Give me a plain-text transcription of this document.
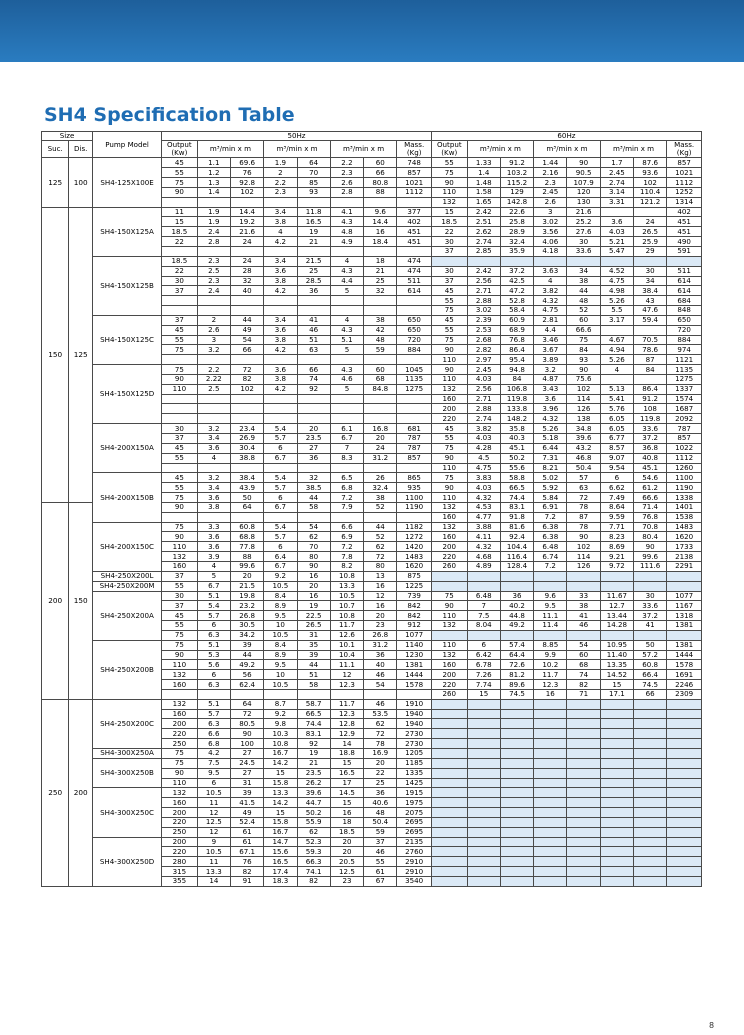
SH4 Specification Table
Size		Pump Model	50Hz								60Hz							
Suc.	Dis.		Output (Kw)	m³/min x m		m³/min x m		m³/min x m		Mass. (Kg)	Output (Kw)	m³/min x m		m³/min x m		m³/min x m		Mass. (Kg)
125	100	SH4-125X100E	45	1.1	69.6	1.9	64	2.2	60	748	55	1.33	91.2	1.44	90	1.7	87.6	857
			55	1.2	76	2	70	2.3	66	857	75	1.4	103.2	2.16	90.5	2.45	93.6	1021
			75	1.3	92.8	2.2	85	2.6	80.8	1021	90	1.48	115.2	2.3	107.9	2.74	102	1112
			90	1.4	102	2.3	93	2.8	88	1112	110	1.58	129	2.45	120	3.14	110.4	1252
											132	1.65	142.8	2.6	130	3.31	121.2	1314
150	125	SH4-150X125A	11	1.9	14.4	3.4	11.8	4.1	9.6	377	15	2.42	22.6	3	21.6			402
			15	1.9	19.2	3.8	16.5	4.3	14.4	402	18.5	2.51	25.8	3.02	25.2	3.6	24	451
			18.5	2.4	21.6	4	19	4.8	16	451	22	2.62	28.9	3.56	27.6	4.03	26.5	451
			22	2.8	24	4.2	21	4.9	18.4	451	30	2.74	32.4	4.06	30	5.21	25.9	490
											37	2.85	35.9	4.18	33.6	5.47	29	591
		SH4-150X125B	18.5	2.3	24	3.4	21.5	4	18	474								
			22	2.5	28	3.6	25	4.3	21	474	30	2.42	37.2	3.63	34	4.52	30	511
			30	2.3	32	3.8	28.5	4.4	25	511	37	2.56	42.5	4	38	4.75	34	614
			37	2.4	40	4.2	36	5	32	614	45	2.71	47.2	3.82	44	4.98	38.4	614
											55	2.88	52.8	4.32	48	5.26	43	684
											75	3.02	58.4	4.75	52	5.5	47.6	848
		SH4-150X125C	37	2	44	3.4	41	4	38	650	45	2.39	60.9	2.81	60	3.17	59.4	650
			45	2.6	49	3.6	46	4.3	42	650	55	2.53	68.9	4.4	66.6			720
			55	3	54	3.8	51	5.1	48	720	75	2.68	76.8	3.46	75	4.67	70.5	884
			75	3.2	66	4.2	63	5	59	884	90	2.82	86.4	3.67	84	4.94	78.6	974
											110	2.97	95.4	3.89	93	5.26	87	1121
		SH4-150X125D	75	2.2	72	3.6	66	4.3	60	1045	90	2.45	94.8	3.2	90	4	84	1135
			90	2.22	82	3.8	74	4.6	68	1135	110	4.03	84	4.87	75.6			1275
			110	2.5	102	4.2	92	5	84.8	1275	132	2.56	106.8	3.43	102	5.13	86.4	1337
											160	2.71	119.8	3.6	114	5.41	91.2	1574
											200	2.88	133.8	3.96	126	5.76	108	1687
											220	2.74	148.2	4.32	138	6.05	119.8	2092
		SH4-200X150A	30	3.2	23.4	5.4	20	6.1	16.8	681	45	3.82	35.8	5.26	34.8	6.05	33.6	787
			37	3.4	26.9	5.7	23.5	6.7	20	787	55	4.03	40.3	5.18	39.6	6.77	37.2	857
			45	3.6	30.4	6	27	7	24	787	75	4.28	45.1	6.44	43.2	8.57	36.8	1022
			55	4	38.8	6.7	36	8.3	31.2	857	90	4.5	50.2	7.31	46.8	9.07	40.8	1112
											110	4.75	55.6	8.21	50.4	9.54	45.1	1260
		SH4-200X150B	45	3.2	38.4	5.4	32	6.5	26	865	75	3.83	58.8	5.02	57	6	54.6	1100
			55	3.4	43.9	5.7	38.5	6.8	32.4	935	90	4.03	66.5	5.92	63	6.62	61.2	1190
			75	3.6	50	6	44	7.2	38	1100	110	4.32	74.4	5.84	72	7.49	66.6	1338
200	150		90	3.8	64	6.7	58	7.9	52	1190	132	4.53	83.1	6.91	78	8.64	71.4	1401
											160	4.77	91.8	7.2	87	9.59	76.8	1538
		SH4-200X150C	75	3.3	60.8	5.4	54	6.6	44	1182	132	3.88	81.6	6.38	78	7.71	70.8	1483
			90	3.6	68.8	5.7	62	6.9	52	1272	160	4.11	92.4	6.38	90	8.23	80.4	1620
			110	3.6	77.8	6	70	7.2	62	1420	200	4.32	104.4	6.48	102	8.69	90	1733
			132	3.9	88	6.4	80	7.8	72	1483	220	4.68	116.4	6.74	114	9.21	99.6	2138
			160	4	99.6	6.7	90	8.2	80	1620	260	4.89	128.4	7.2	126	9.72	111.6	2291
		SH4-250X200L	37	5	20	9.2	16	10.8	13	875								
		SH4-250X200M	55	6.7	21.5	10.5	20	13.3	16	1225								
		SH4-250X200A	30	5.1	19.8	8.4	16	10.5	12	739	75	6.48	36	9.6	33	11.67	30	1077
			37	5.4	23.2	8.9	19	10.7	16	842	90	7	40.2	9.5	38	12.7	33.6	1167
			45	5.7	26.8	9.5	22.5	10.8	20	842	110	7.5	44.8	11.1	41	13.44	37.2	1318
			55	6	30.5	10	26.5	11.7	23	912	132	8.04	49.2	11.4	46	14.28	41	1381
			75	6.3	34.2	10.5	31	12.6	26.8	1077								
		SH4-250X200B	75	5.1	39	8.4	35	10.1	31.2	1140	110	6	57.4	8.85	54	10.95	50	1381
			90	5.3	44	8.9	39	10.4	36	1230	132	6.42	64.4	9.9	60	11.40	57.2	1444
			110	5.6	49.2	9.5	44	11.1	40	1381	160	6.78	72.6	10.2	68	13.35	60.8	1578
			132	6	56	10	51	12	46	1444	200	7.26	81.2	11.7	74	14.52	66.4	1691
			160	6.3	62.4	10.5	58	12.3	54	1578	220	7.74	89.6	12.3	82	15	74.5	2246
											260	15	74.5	16	71	17.1	66	2309
250	200	SH4-250X200C	132	5.1	64	8.7	58.7	11.7	46	1910								
			160	5.7	72	9.2	66.5	12.3	53.5	1940								
			200	6.3	80.5	9.8	74.4	12.8	62	1940								
			220	6.6	90	10.3	83.1	12.9	72	2730								
			250	6.8	100	10.8	92	14	78	2730								
		SH4-300X250A	75	4.2	27	16.7	19	18.8	16.9	1205								
		SH4-300X250B	75	7.5	24.5	14.2	21	15	20	1185								
			90	9.5	27	15	23.5	16.5	22	1335								
			110	6	31	15.8	26.2	17	25	1425								
		SH4-300X250C	132	10.5	39	13.3	39.6	14.5	36	1915								
			160	11	41.5	14.2	44.7	15	40.6	1975								
			200	12	49	15	50.2	16	48	2075								
			220	12.5	52.4	15.8	55.9	18	50.4	2695								
			250	12	61	16.7	62	18.5	59	2695								
		SH4-300X250D	200	9	61	14.7	52.3	20	37	2135								
			220	10.5	67.1	15.6	59.3	20	46	2760								
			280	11	76	16.5	66.3	20.5	55	2910								
			315	13.3	82	17.4	74.1	12.5	61	2910								
			355	14	91	18.3	82	23	67	3540								
8
